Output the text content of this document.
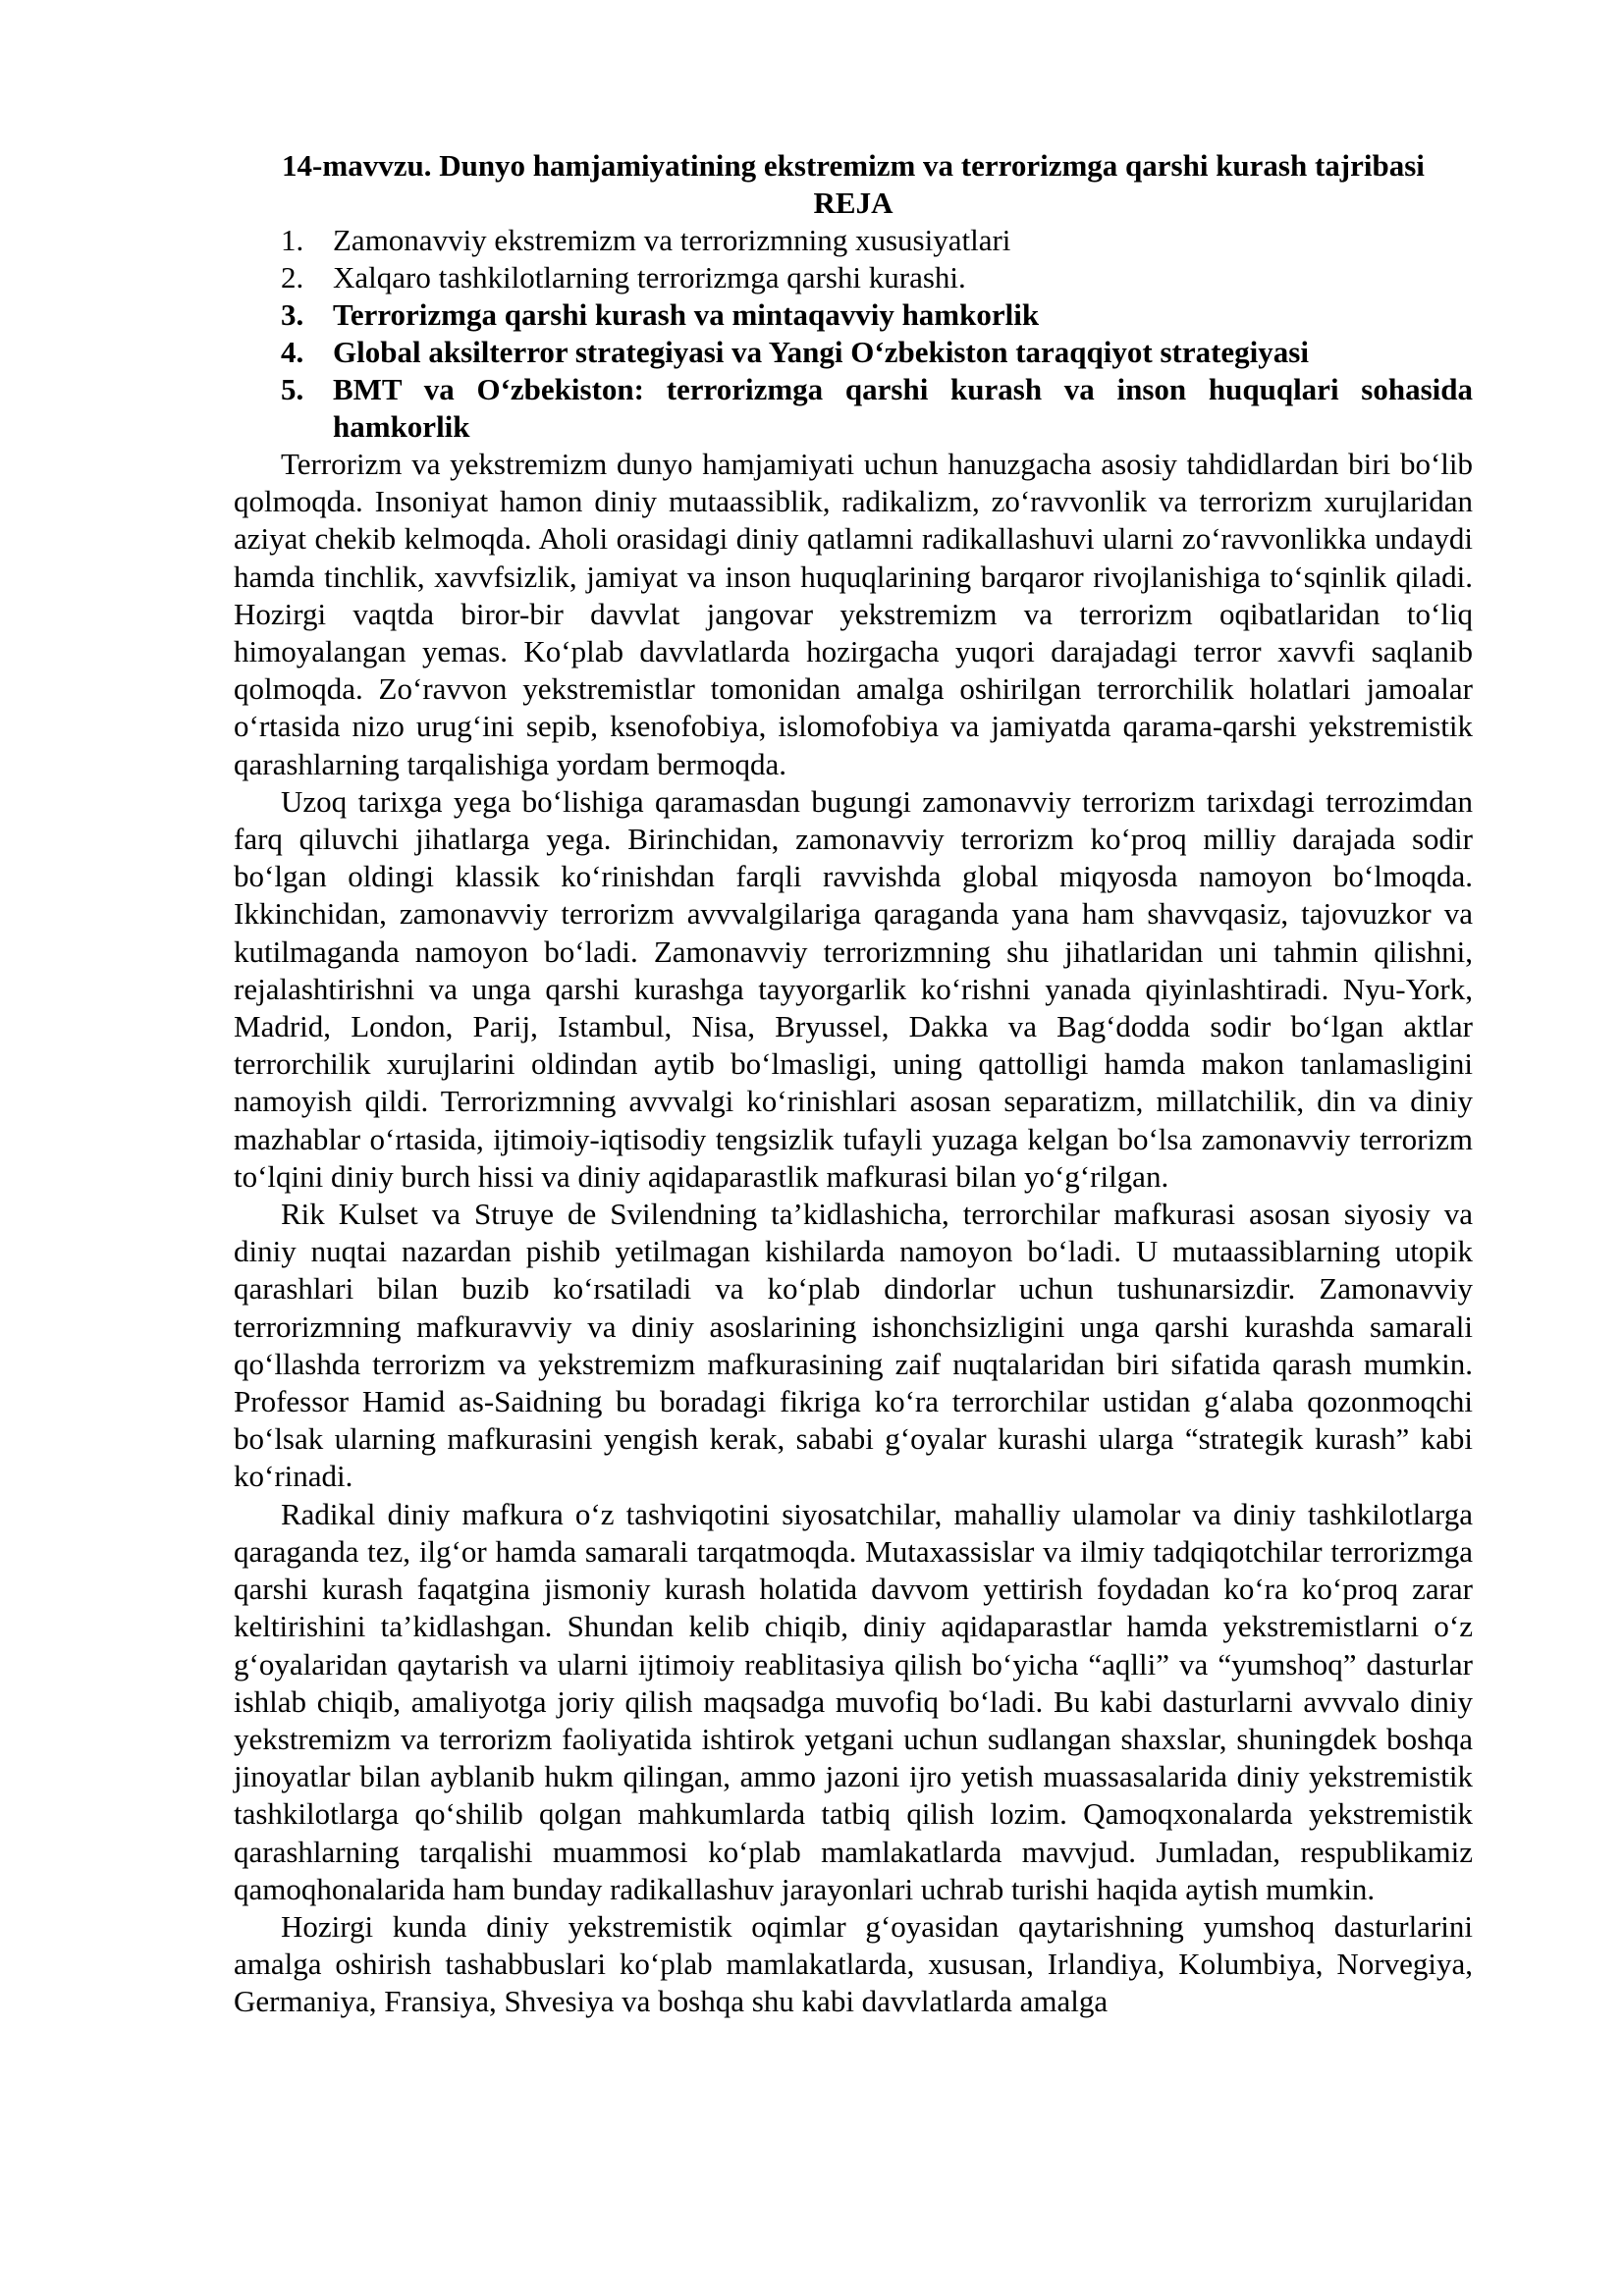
14-mavvzu. Dunyo hamjamiyatining ekstremizm va terrorizmga qarshi kurash tajribasi
REJA
1. Zamonavviy ekstremizm va terrorizmning xususiyatlari
2. Xalqaro tashkilotlarning terrorizmga qarshi kurashi.
3. Terrorizmga qarshi kurash va mintaqavviy hamkorlik
4. Global aksilterror strategiyasi va Yangi O‘zbekiston taraqqiyot strategiyasi
5. BMT va O‘zbekiston: terrorizmga qarshi kurash va inson huquqlari sohasida hamkorlik

Terrorizm va yekstremizm dunyo hamjamiyati uchun hanuzgacha asosiy tahdidlardan biri bo‘lib qolmoqda. Insoniyat hamon diniy mutaassiblik, radikalizm, zo‘ravvonlik va terrorizm xurujlaridan aziyat chekib kelmoqda. Aholi orasidagi diniy qatlamni radikallashuvi ularni zo‘ravvonlikka undaydi hamda tinchlik, xavvfsizlik, jamiyat va inson huquqlarining barqaror rivojlanishiga to‘sqinlik qiladi. Hozirgi vaqtda biror-bir davvlat jangovar yekstremizm va terrorizm oqibatlaridan to‘liq himoyalangan yemas. Ko‘plab davvlatlarda hozirgacha yuqori darajadagi terror xavvfi saqlanib qolmoqda. Zo‘ravvon yekstremistlar tomonidan amalga oshirilgan terrorchilik holatlari jamoalar o‘rtasida nizo urug‘ini sepib, ksenofobiya, islomofobiya va jamiyatda qarama-qarshi yekstremistik qarashlarning tarqalishiga yordam bermoqda.

Uzoq tarixga yega bo‘lishiga qaramasdan bugungi zamonavviy terrorizm tarixdagi terrozimdan farq qiluvchi jihatlarga yega. Birinchidan, zamonavviy terrorizm ko‘proq milliy darajada sodir bo‘lgan oldingi klassik ko‘rinishdan farqli ravvishda global miqyosda namoyon bo‘lmoqda. Ikkinchidan, zamonavviy terrorizm avvvalgilariga qaraganda yana ham shavvqasiz, tajovuzkor va kutilmaganda namoyon bo‘ladi. Zamonavviy terrorizmning shu jihatlaridan uni tahmin qilishni, rejalashtirishni va unga qarshi kurashga tayyorgarlik ko‘rishni yanada qiyinlashtiradi. Nyu-York, Madrid, London, Parij, Istambul, Nisa, Bryussel, Dakka va Bag‘dodda sodir bo‘lgan aktlar terrorchilik xurujlarini oldindan aytib bo‘lmasligi, uning qattolligi hamda makon tanlamasligini namoyish qildi. Terrorizmning avvvalgi ko‘rinishlari asosan separatizm, millatchilik, din va diniy mazhablar o‘rtasida, ijtimoiy-iqtisodiy tengsizlik tufayli yuzaga kelgan bo‘lsa zamonavviy terrorizm to‘lqini diniy burch hissi va diniy aqidaparastlik mafkurasi bilan yo‘g‘rilgan.

Rik Kulset va Struye de Svilendning ta’kidlashicha, terrorchilar mafkurasi asosan siyosiy va diniy nuqtai nazardan pishib yetilmagan kishilarda namoyon bo‘ladi. U mutaassiblarning utopik qarashlari bilan buzib ko‘rsatiladi va ko‘plab dindorlar uchun tushunarsizdir. Zamonavviy terrorizmning mafkuravviy va diniy asoslarining ishonchsizligini unga qarshi kurashda samarali qo‘llashda terrorizm va yekstremizm mafkurasining zaif nuqtalaridan biri sifatida qarash mumkin. Professor Hamid as-Saidning bu boradagi fikriga ko‘ra terrorchilar ustidan g‘alaba qozonmoqchi bo‘lsak ularning mafkurasini yengish kerak, sababi g‘oyalar kurashi ularga “strategik kurash” kabi ko‘rinadi.

Radikal diniy mafkura o‘z tashviqotini siyosatchilar, mahalliy ulamolar va diniy tashkilotlarga qaraganda tez, ilg‘or hamda samarali tarqatmoqda. Mutaxassislar va ilmiy tadqiqotchilar terrorizmga qarshi kurash faqatgina jismoniy kurash holatida davvom yettirish foydadan ko‘ra ko‘proq zarar keltirishini ta’kidlashgan. Shundan kelib chiqib, diniy aqidaparastlar hamda yekstremistlarni o‘z g‘oyalaridan qaytarish va ularni ijtimoiy reablitasiya qilish bo‘yicha “aqlli” va “yumshoq” dasturlar ishlab chiqib, amaliyotga joriy qilish maqsadga muvofiq bo‘ladi. Bu kabi dasturlarni avvvalo diniy yekstremizm va terrorizm faoliyatida ishtirok yetgani uchun sudlangan shaxslar, shuningdek boshqa jinoyatlar bilan ayblanib hukm qilingan, ammo jazoni ijro yetish muassasalarida diniy yekstremistik tashkilotlarga qo‘shilib qolgan mahkumlarda tatbiq qilish lozim. Qamoqxonalarda yekstremistik qarashlarning tarqalishi muammosi ko‘plab mamlakatlarda mavvjud. Jumladan, respublikamiz qamoqhonalarida ham bunday radikallashuv jarayonlari uchrab turishi haqida aytish mumkin.

Hozirgi kunda diniy yekstremistik oqimlar g‘oyasidan qaytarishning yumshoq dasturlarini amalga oshirish tashabbuslari ko‘plab mamlakatlarda, xususan, Irlandiya, Kolumbiya, Norvegiya, Germaniya, Fransiya, Shvesiya va boshqa shu kabi davvlatlarda amalga
